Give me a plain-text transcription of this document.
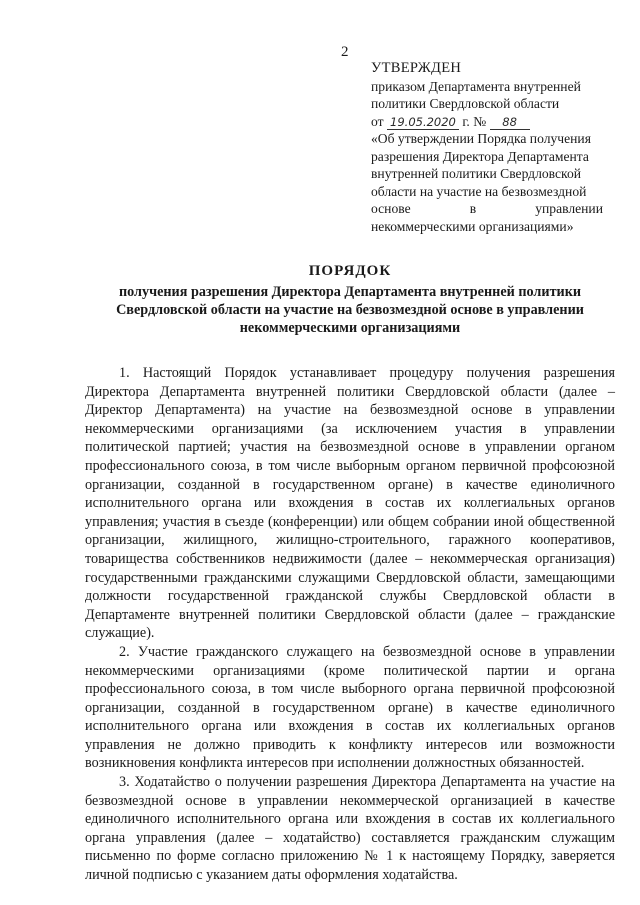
2
УТВЕРЖДЕН
приказом Департамента внутренней
политики Свердловской области
от 19.05.2020 г. № 88
«Об утверждении Порядка получения
разрешения Директора Департамента
внутренней политики Свердловской
области на участие на безвозмездной
основе	в	управлении
некоммерческими организациями»
ПОРЯДОК
получения разрешения Директора Департамента внутренней политики Свердловской области на участие на безвозмездной основе в управлении некоммерческими организациями

1. Настоящий Порядок устанавливает процедуру получения разрешения Директора Департамента внутренней политики Свердловской области (далее – Директор Департамента) на участие на безвозмездной основе в управлении некоммерческими организациями (за исключением участия в управлении политической партией; участия на безвозмездной основе в управлении органом профессионального союза, в том числе выборным органом первичной профсоюзной организации, созданной в государственном органе) в качестве единоличного исполнительного органа или вхождения в состав их коллегиальных органов управления; участия в съезде (конференции) или общем собрании иной общественной организации, жилищного, жилищно-строительного, гаражного кооперативов, товарищества собственников недвижимости (далее – некоммерческая организация) государственными гражданскими служащими Свердловской области, замещающими должности государственной гражданской службы Свердловской области в Департаменте внутренней политики Свердловской области (далее – гражданские служащие).

2. Участие гражданского служащего на безвозмездной основе в управлении некоммерческими организациями (кроме политической партии и органа профессионального союза, в том числе выборного органа первичной профсоюзной организации, созданной в государственном органе) в качестве единоличного исполнительного органа или вхождения в состав их коллегиальных органов управления не должно приводить к конфликту интересов или возможности возникновения конфликта интересов при исполнении должностных обязанностей.

3. Ходатайство о получении разрешения Директора Департамента на участие на безвозмездной основе в управлении некоммерческой организацией в качестве единоличного исполнительного органа или вхождения в состав их коллегиального органа управления (далее – ходатайство) составляется гражданским служащим письменно по форме согласно приложению № 1 к настоящему Порядку, заверяется личной подписью с указанием даты оформления ходатайства.
